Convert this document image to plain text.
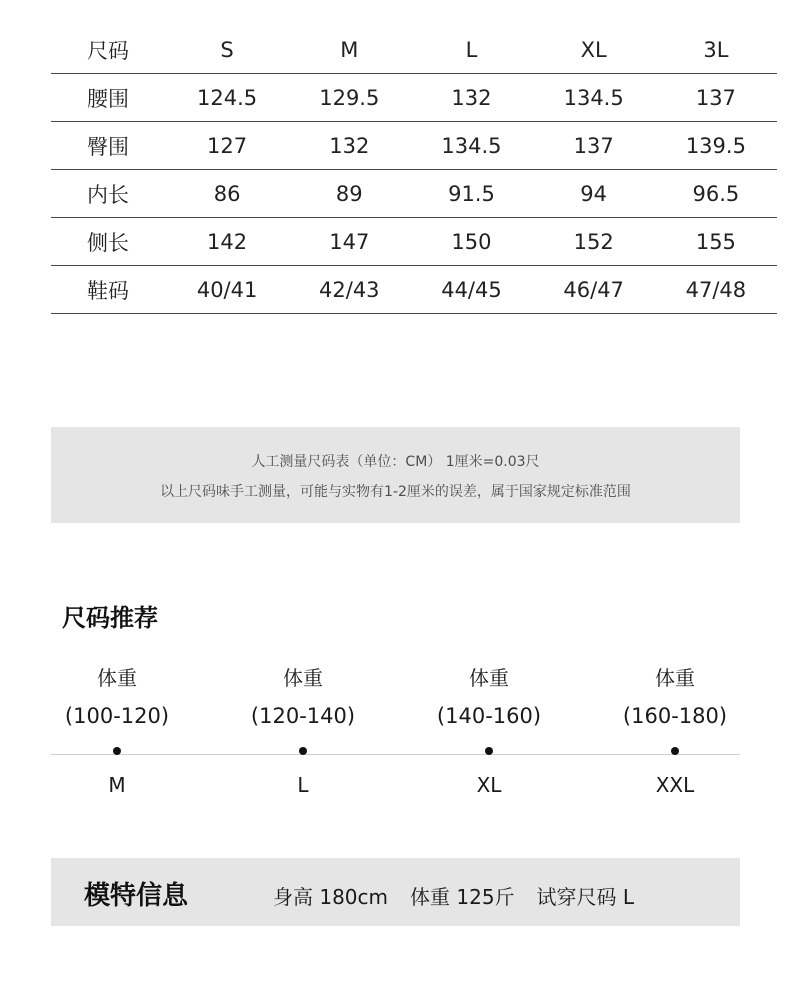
尺码	S	M	L	XL	3L
腰围	124.5	129.5	132	134.5	137
臀围	127	132	134.5	137	139.5
内长	86	89	91.5	94	96.5
侧长	142	147	150	152	155
鞋码	40/41	42/43	44/45	46/47	47/48
人工测量尺码表（单位：CM） 1厘米=0.03尺
以上尺码味手工测量，可能与实物有1-2厘米的误差，属于国家规定标准范围
尺码推荐
体重
(100-120)
M
体重
(120-140)
L
体重
(140-160)
XL
体重
(160-180)
XXL
模特信息	身高 180cm 体重 125斤 试穿尺码 L
